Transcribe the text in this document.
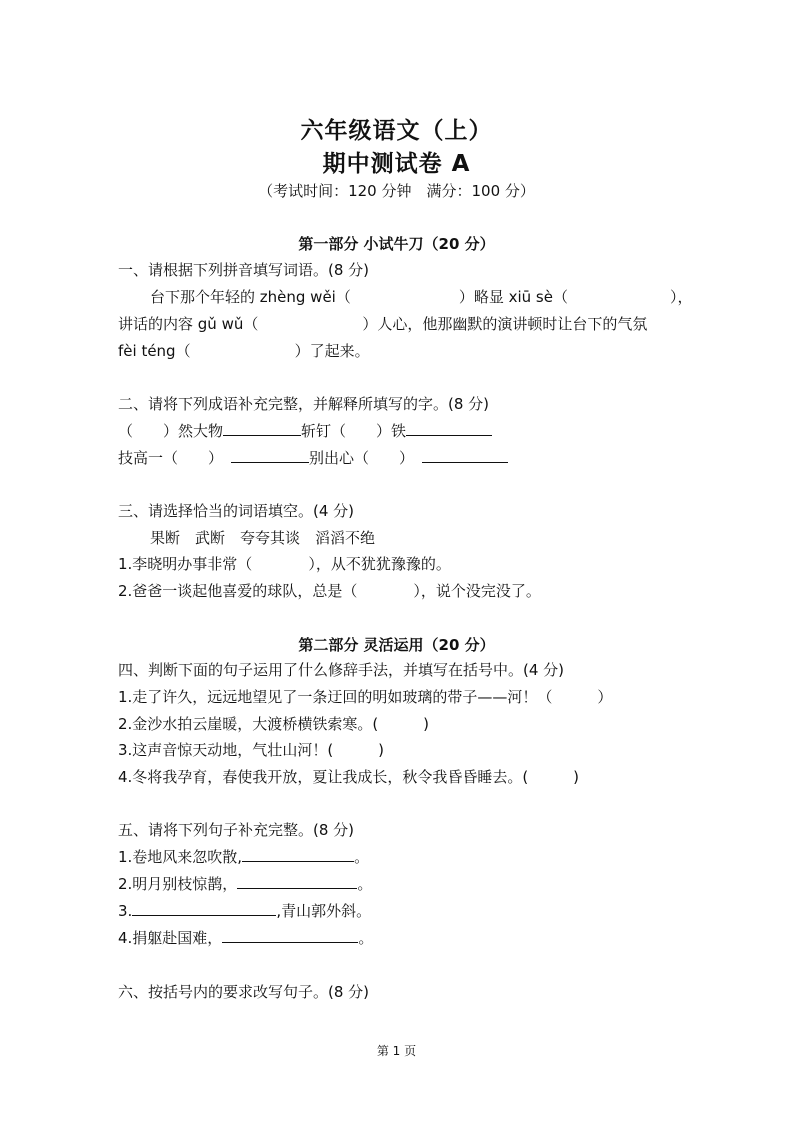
六年级语文（上）
期中测试卷 A
（考试时间：120 分钟　满分：100 分）
第一部分 小试牛刀（20 分）
一、请根据下列拼音填写词语。(8 分)
台下那个年轻的 zhèng wěi（	）略显 xiū sè（	），
讲话的内容 gǔ wǔ（	）人心，他那幽默的演讲顿时让台下的气氛
fèi téng（	）了起来。
二、请将下列成语补充完整，并解释所填写的字。(8 分)
（　　）然大物	斩钉（　　）铁
技高一（　　）	别出心（　　）
三、请选择恰当的词语填空。(4 分)
果断　武断　夸夸其谈　滔滔不绝
1.李晓明办事非常（	），从不犹犹豫豫的。
2.爸爸一谈起他喜爱的球队，总是（	），说个没完没了。
第二部分 灵活运用（20 分）
四、判断下面的句子运用了什么修辞手法，并填写在括号中。(4 分)
1.走了许久，远远地望见了一条迂回的明如玻璃的带子——河！（　　　）
2.金沙水拍云崖暖，大渡桥横铁索寒。(　　　)
3.这声音惊天动地，气壮山河！(　　　)
4.冬将我孕育，春使我开放，夏让我成长，秋令我昏昏睡去。(　　　)
五、请将下列句子补充完整。(8 分)
1.卷地风来忽吹散,	。
2.明月别枝惊鹊，	。
3.	,青山郭外斜。
4.捐躯赴国难，	。
六、按括号内的要求改写句子。(8 分)
第 1 页
